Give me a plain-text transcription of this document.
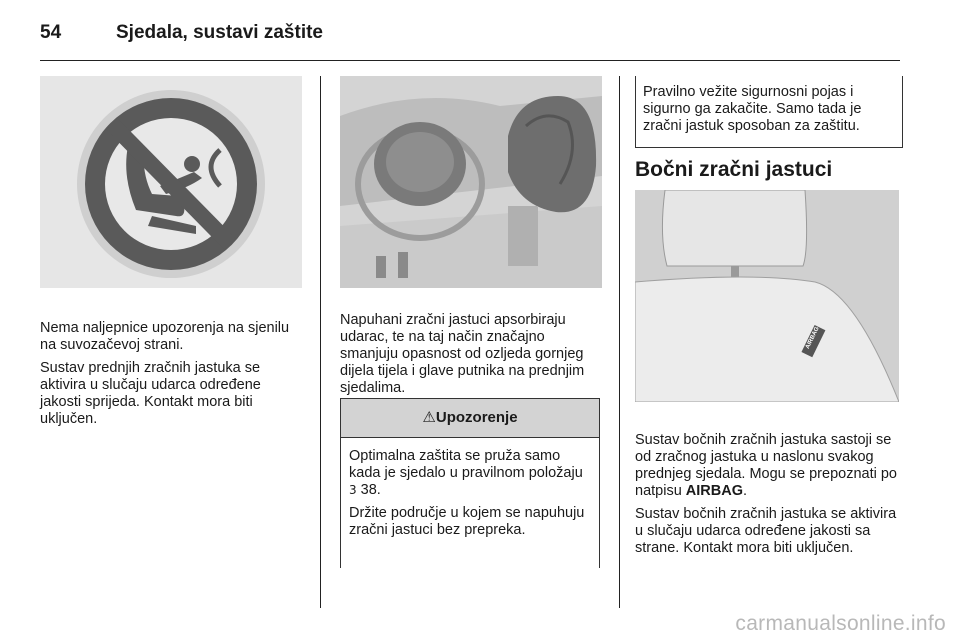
54	Sjedala, sustavi zaštite

Nema naljepnice upozorenja na sjenilu na suvozačevoj strani.

Sustav prednjih zračnih jastuka se aktivira u slučaju udarca određene jakosti sprijeda. Kontakt mora biti uključen.

Napuhani zračni jastuci apsorbiraju udarac, te na taj način značajno smanjuju opasnost od ozljeda gornjeg dijela tijela i glave putnika na prednjim sjedalima.

⚠Upozorenje

Optimalna zaštita se pruža samo kada je sjedalo u pravilnom položaju 3 38.

Držite područje u kojem se napuhuju zračni jastuci bez prepreka.

Pravilno vežite sigurnosni pojas i sigurno ga zakačite. Samo tada je zračni jastuk sposoban za zaštitu.

Bočni zračni jastuci
AIRBAG

Sustav bočnih zračnih jastuka sastoji se od zračnog jastuka u naslonu svakog prednjeg sjedala. Mogu se prepoznati po natpisu AIRBAG.

Sustav bočnih zračnih jastuka se aktivira u slučaju udarca određene jakosti sa strane. Kontakt mora biti uključen.

carmanualsonline.info
